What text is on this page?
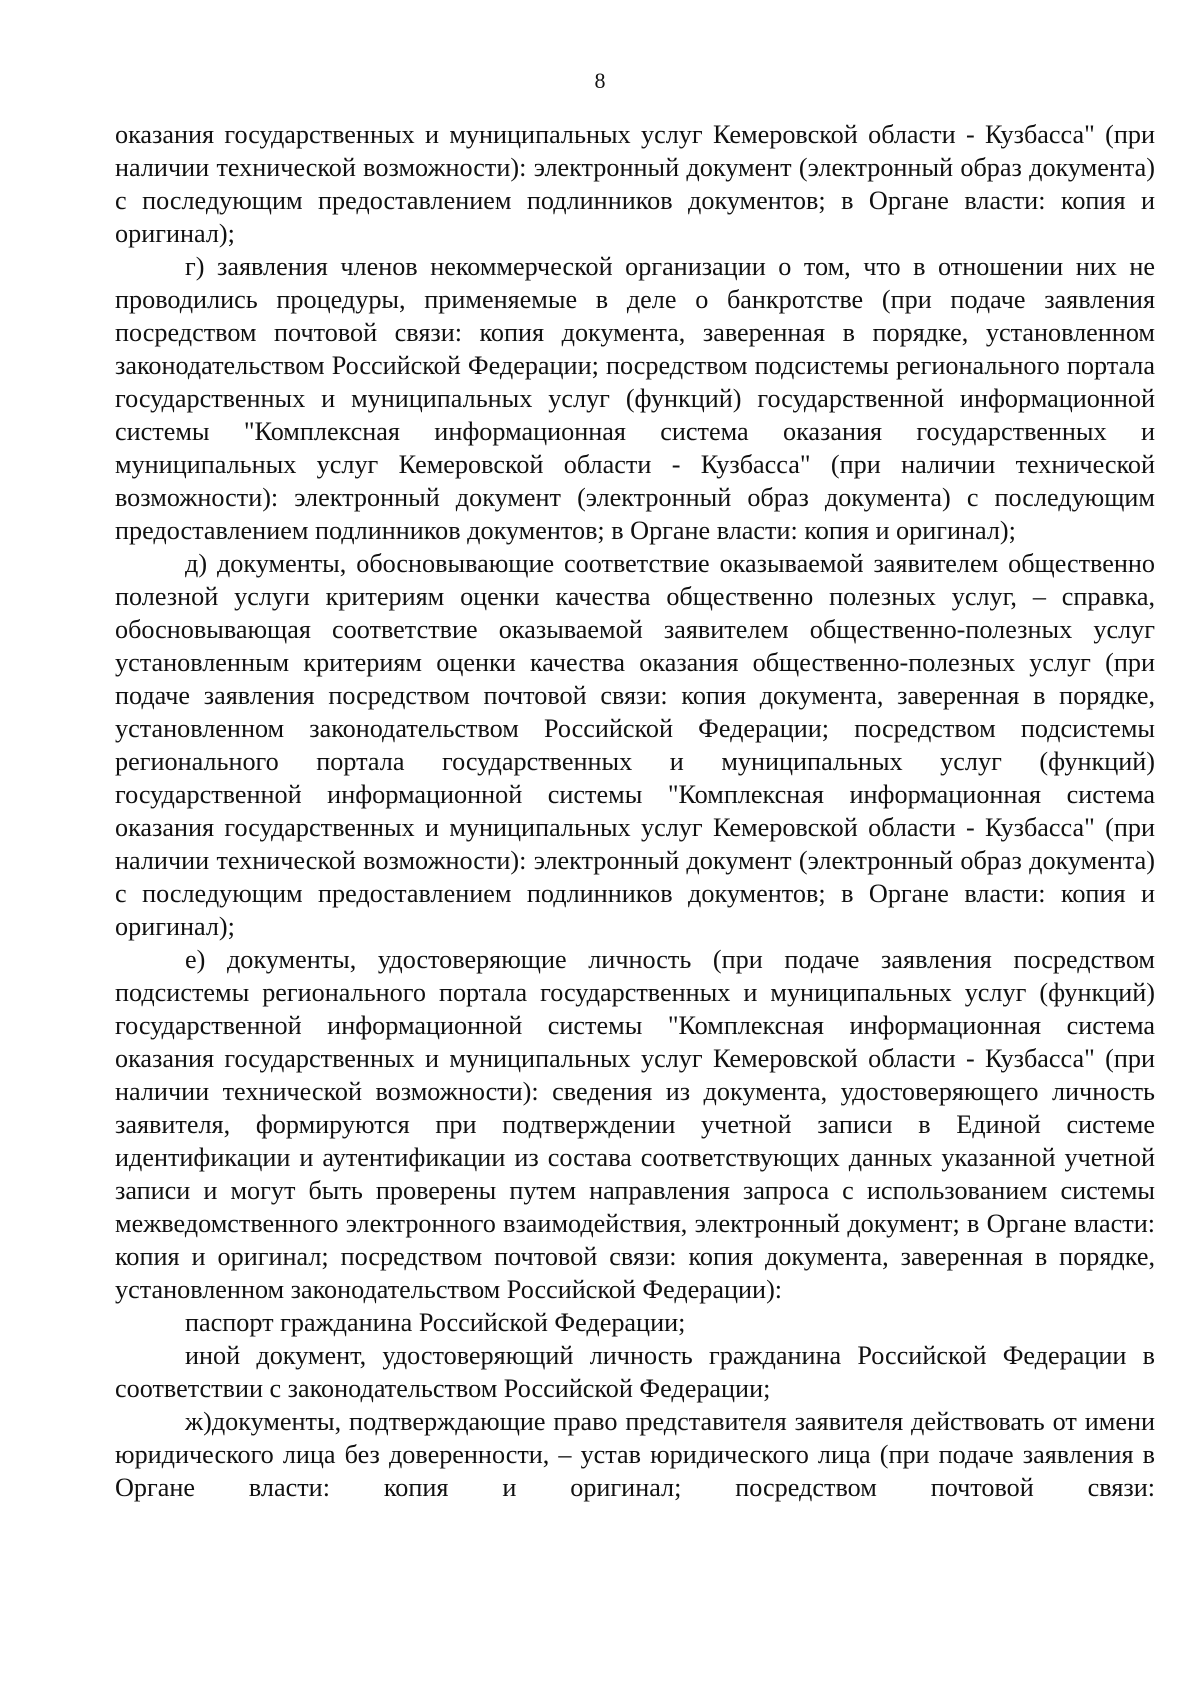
8

оказания государственных и муниципальных услуг Кемеровской области - Кузбасса" (при наличии технической возможности): электронный документ (электронный образ документа) с последующим предоставлением подлинников документов; в Органе власти: копия и оригинал);

г) заявления членов некоммерческой организации о том, что в отношении них не проводились процедуры, применяемые в деле о банкротстве (при подаче заявления посредством почтовой связи: копия документа, заверенная в порядке, установленном законодательством Российской Федерации; посредством подсистемы регионального портала государственных и муниципальных услуг (функций) государственной информационной системы "Комплексная информационная система оказания государственных и муниципальных услуг Кемеровской области - Кузбасса" (при наличии технической возможности): электронный документ (электронный образ документа) с последующим предоставлением подлинников документов; в Органе власти: копия и оригинал);

д) документы, обосновывающие соответствие оказываемой заявителем общественно полезной услуги критериям оценки качества общественно полезных услуг, – справка, обосновывающая соответствие оказываемой заявителем общественно-полезных услуг установленным критериям оценки качества оказания общественно-полезных услуг (при подаче заявления посредством почтовой связи: копия документа, заверенная в порядке, установленном законодательством Российской Федерации; посредством подсистемы регионального портала государственных и муниципальных услуг (функций) государственной информационной системы "Комплексная информационная система оказания государственных и муниципальных услуг Кемеровской области - Кузбасса" (при наличии технической возможности): электронный документ (электронный образ документа) с последующим предоставлением подлинников документов; в Органе власти: копия и оригинал);

е) документы, удостоверяющие личность (при подаче заявления посредством подсистемы регионального портала государственных и муниципальных услуг (функций) государственной информационной системы "Комплексная информационная система оказания государственных и муниципальных услуг Кемеровской области - Кузбасса" (при наличии технической возможности): сведения из документа, удостоверяющего личность заявителя, формируются при подтверждении учетной записи в Единой системе идентификации и аутентификации из состава соответствующих данных указанной учетной записи и могут быть проверены путем направления запроса с использованием системы межведомственного электронного взаимодействия, электронный документ; в Органе власти: копия и оригинал; посредством почтовой связи: копия документа, заверенная в порядке, установленном законодательством Российской Федерации):

паспорт гражданина Российской Федерации;

иной документ, удостоверяющий личность гражданина Российской Федерации в соответствии с законодательством Российской Федерации;

ж)документы, подтверждающие право представителя заявителя действовать от имени юридического лица без доверенности, – устав юридического лица (при подаче заявления в Органе власти: копия и оригинал; посредством почтовой связи:
